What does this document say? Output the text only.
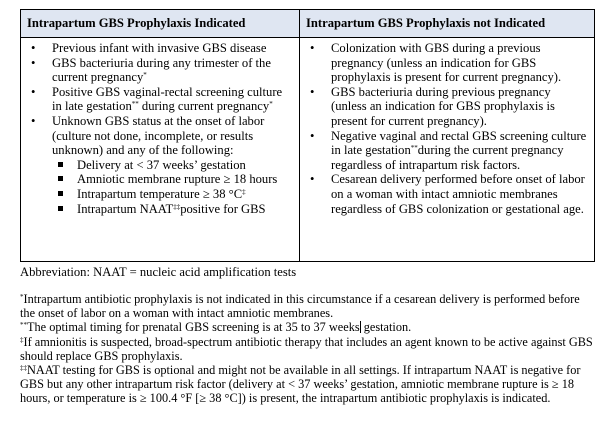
Intrapartum GBS Prophylaxis Indicated	Intrapartum GBS Prophylaxis not Indicated
• Previous infant with invasive GBS disease
• GBS bacteriuria during any trimester of the current pregnancy*
• Positive GBS vaginal-rectal screening culture in late gestation** during current pregnancy*
• Unknown GBS status at the onset of labor (culture not done, incomplete, or results unknown) and any of the following:
Delivery at < 37 weeks’ gestation
Amniotic membrane rupture ≥ 18 hours
Intrapartum temperature ≥ 38 °C‡
Intrapartum NAAT‡‡positive for GBS
• Colonization with GBS during a previous pregnancy (unless an indication for GBS prophylaxis is present for current pregnancy).
• GBS bacteriuria during previous pregnancy (unless an indication for GBS prophylaxis is present for current pregnancy).
• Negative vaginal and rectal GBS screening culture in late gestation**during the current pregnancy regardless of intrapartum risk factors.
• Cesarean delivery performed before onset of labor on a woman with intact amniotic membranes regardless of GBS colonization or gestational age.
Abbreviation: NAAT = nucleic acid amplification tests

*Intrapartum antibiotic prophylaxis is not indicated in this circumstance if a cesarean delivery is performed before the onset of labor on a woman with intact amniotic membranes.

**The optimal timing for prenatal GBS screening is at 35 to 37 weeks gestation.

‡If amnionitis is suspected, broad-spectrum antibiotic therapy that includes an agent known to be active against GBS should replace GBS prophylaxis.

‡‡NAAT testing for GBS is optional and might not be available in all settings. If intrapartum NAAT is negative for GBS but any other intrapartum risk factor (delivery at < 37 weeks’ gestation, amniotic membrane rupture is ≥ 18 hours, or temperature is ≥ 100.4 °F [≥ 38 °C]) is present, the intrapartum antibiotic prophylaxis is indicated.
